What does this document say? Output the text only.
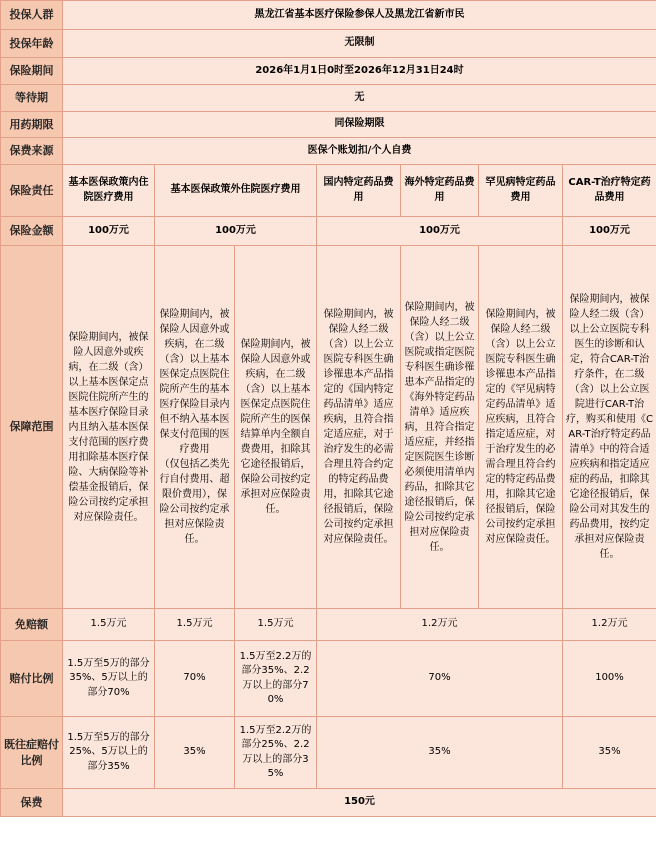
投保人群	黑龙江省基本医疗保险参保人及黑龙江省新市民						
投保年龄	无限制						
保险期间	2026年1月1日0时至2026年12月31日24时						
等待期	无						
用药期限	同保险期限						
保费来源	医保个账划扣/个人自费						
保险责任	基本医保政策内住院医疗费用	基本医保政策外住院医疗费用		国内特定药品费用	海外特定药品费用	罕见病特定药品费用	CAR-T治疗特定药品费用
保险金额	100万元	100万元		100万元			100万元
保障范围	保险期间内，被保险人因意外或疾病，在二级（含）以上基本医保定点医院住院所产生的基本医疗保险目录内且纳入基本医保支付范围的医疗费用扣除基本医疗保险、大病保险等补偿基金报销后，保险公司按约定承担对应保险责任。	保险期间内，被保险人因意外或疾病，在二级（含）以上基本医保定点医院住院所产生的基本医疗保险目录内但不纳入基本医保支付范围的医疗费用
（仅包括乙类先行自付费用、超限价费用），保险公司按约定承担对应保险责任。	保险期间内，被保险人因意外或疾病，在二级（含）以上基本医保定点医院住院所产生的医保结算单内全额自费费用，扣除其它途径报销后，保险公司按约定承担对应保险责任。	保险期间内，被保险人经二级（含）以上公立医院专科医生确诊罹患本产品指定的《国内特定药品清单》适应疾病，且符合指定适应症，对于治疗发生的必需合理且符合约定的特定药品费用，扣除其它途径报销后，保险公司按约定承担对应保险责任。	保险期间内，被保险人经二级（含）以上公立医院或指定医院专科医生确诊罹患本产品指定的《海外特定药品清单》适应疾病，且符合指定适应症，并经指定医院医生诊断必须使用清单内药品，扣除其它途径报销后，保险公司按约定承担对应保险责任。	保险期间内，被保险人经二级（含）以上公立医院专科医生确诊罹患本产品指定的《罕见病特定药品清单》适应疾病，且符合指定适应症，对于治疗发生的必需合理且符合约定的特定药品费用，扣除其它途径报销后，保险公司按约定承担对应保险责任。	保险期间内，被保险人经二级（含）以上公立医院专科医生的诊断和认定，符合CAR-T治疗条件，在二级（含）以上公立医院进行CAR-T治疗，购买和使用《CAR-T治疗特定药品清单》中的符合适应疾病和指定适应症的药品，扣除其它途径报销后，保险公司对其发生的药品费用，按约定承担对应保险责任。

免赔额	1.5万元	1.5万元	1.5万元	1.2万元			1.2万元
赔付比例	1.5万至5万的部分35%、5万以上的部分70%	70%	1.5万至2.2万的部分35%、2.2万以上的部分70%	70%			100%
既往症赔付比例	1.5万至5万的部分25%、5万以上的部分35%	35%	1.5万至2.2万的部分25%、2.2万以上的部分35%	35%			35%
保费	150元						
